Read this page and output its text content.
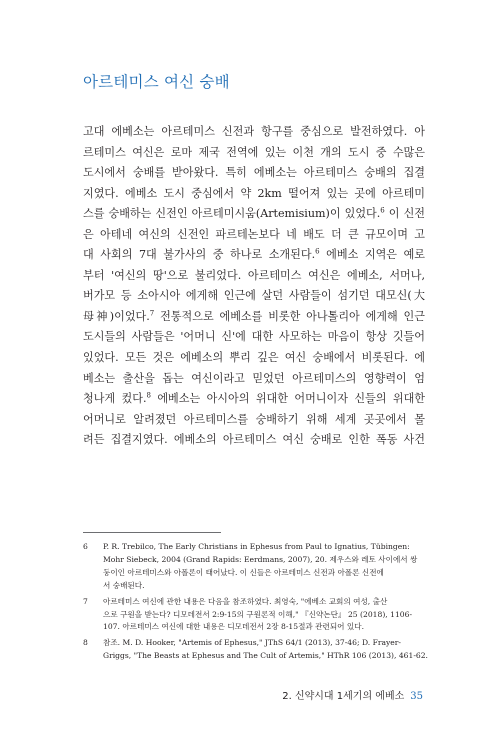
아르테미스 여신 숭배
고대 에베소는 아르테미스 신전과 항구를 중심으로 발전하였다. 아
르테미스 여신은 로마 제국 전역에 있는 이천 개의 도시 중 수많은
도시에서 숭배를 받아왔다. 특히 에베소는 아르테미스 숭배의 집결
지였다. 에베소 도시 중심에서 약 2km 떨어져 있는 곳에 아르테미
스를 숭배하는 신전인 아르테미시움(Artemisium)이 있었다.$^6$ 이 신전
은 아테네 여신의 신전인 파르테논보다 네 배도 더 큰 규모이며 고
대 사회의 7대 불가사의 중 하나로 소개된다.$^6$ 에베소 지역은 예로
부터 '여신의 땅'으로 불리었다. 아르테미스 여신은 에베소, 서머나,
버가모 등 소아시아 에게해 인근에 살던 사람들이 섬기던 대모신(大
母神)이었다.$^7$ 전통적으로 에베소를 비롯한 아나톨리아 에게해 인근
도시들의 사람들은 '어머니 신'에 대한 사모하는 마음이 항상 깃들어
있었다. 모든 것은 에베소의 뿌리 깊은 여신 숭배에서 비롯된다. 에
베소는 출산을 돕는 여신이라고 믿었던 아르테미스의 영향력이 엄
청나게 컸다.$^8$ 에베소는 아시아의 위대한 어머니이자 신들의 위대한
어머니로 알려졌던 아르테미스를 숭배하기 위해 세계 곳곳에서 몰
려든 집결지였다. 에베소의 아르테미스 여신 숭배로 인한 폭동 사건
6	P. R. Trebilco, The Early Christians in Ephesus from Paul to Ignatius, Tübingen:
Mohr Siebeck, 2004 (Grand Rapids: Eerdmans, 2007), 20. 제우스와 레토 사이에서 쌍
둥이인 아르테미스와 아폴론이 태어났다. 이 신들은 아르테미스 신전과 아폴론 신전에
서 숭배된다.
7	아르테미스 여신에 관한 내용은 다음을 참조하였다. 최영숙, "에베소 교회의 여성, 출산
으로 구원을 받는다? 디모데전서 2:9-15의 구원론적 이해," 『신약논단』 25 (2018), 1106-
107. 아르테미스 여신에 대한 내용은 디모데전서 2장 8-15절과 관련되어 있다.
8	참조. M. D. Hooker, "Artemis of Ephesus," JThS 64/1 (2013), 37-46; D. Frayer-
Griggs, "The Beasts at Ephesus and The Cult of Artemis," HThR 106 (2013), 461-62.
2. 신약시대 1세기의 에베소 35
